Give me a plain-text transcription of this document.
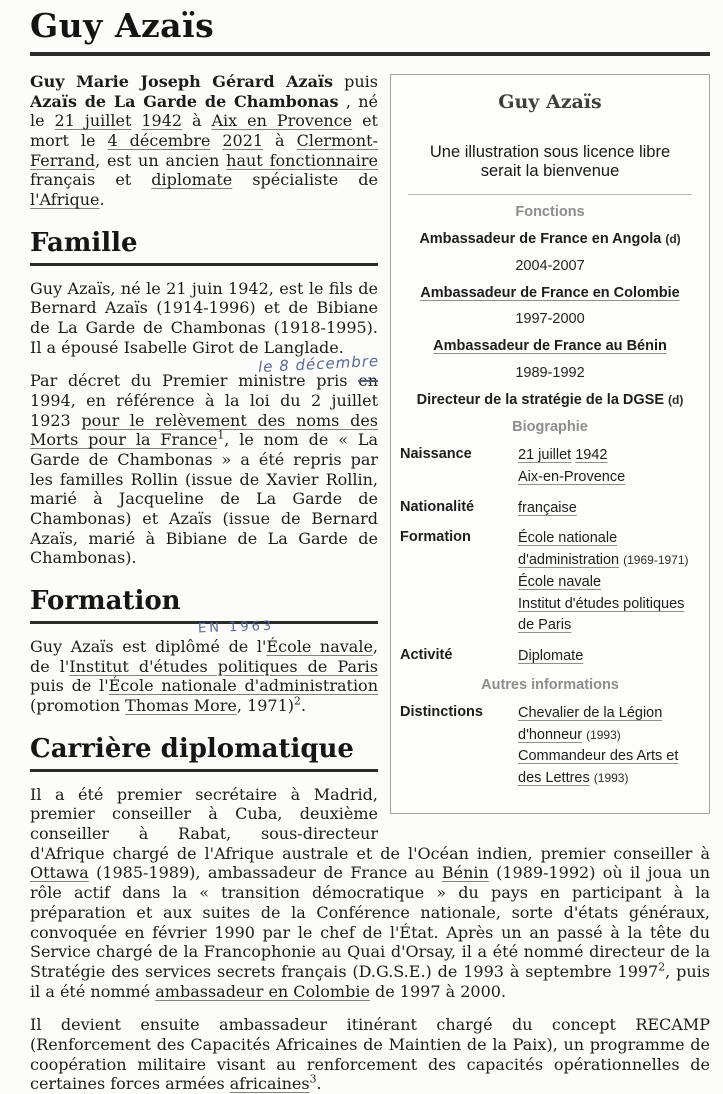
Guy Azaïs
Guy Azaïs
Une illustration sous licence libre serait la bienvenue
Fonctions
Ambassadeur de France en Angola (d)
2004-2007
Ambassadeur de France en Colombie
1997-2000
Ambassadeur de France au Bénin
1989-1992
Directeur de la stratégie de la DGSE (d)
Biographie
Naissance	21 juillet 1942
Aix-en-Provence
Nationalité	française
Formation	École nationale d'administration (1969-1971)
École navale
Institut d'études politiques de Paris
Activité	Diplomate
Autres informations
Distinctions	Chevalier de la Légion d'honneur (1993)
Commandeur des Arts et des Lettres (1993)

Guy Marie Joseph Gérard Azaïs puis Azaïs de La Garde de Chambonas , né le 21 juillet 1942 à Aix en Provence et mort le 4 décembre 2021 à Clermont-Ferrand, est un ancien haut fonctionnaire français et diplomate spécialiste de l'Afrique.

Famille

Guy Azaïs, né le 21 juin 1942, est le fils de Bernard Azaïs (1914-1996) et de Bibiane de La Garde de Chambonas (1918-1995). Il a épousé Isabelle Girot de Langlade.

le 8 décembre
Par décret du Premier ministre pris en 1994, en référence à la loi du 2 juillet 1923 pour le relèvement des noms des Morts pour la France$^1$, le nom de « La Garde de Chambonas » a été repris par les familles Rollin (issue de Xavier Rollin, marié à Jacqueline de La Garde de Chambonas) et Azaïs (issue de Bernard Azaïs, marié à Bibiane de La Garde de Chambonas).

Formation

EN 1963
Guy Azaïs est diplômé de l'École navale, de l'Institut d'études politiques de Paris puis de l'École nationale d'administration (promotion Thomas More, 1971)$^2$.

Carrière diplomatique

Il a été premier secrétaire à Madrid, premier conseiller à Cuba, deuxième conseiller à Rabat, sous-directeur d'Afrique chargé de l'Afrique australe et de l'Océan indien, premier conseiller à Ottawa (1985-1989), ambassadeur de France au Bénin (1989-1992) où il joua un rôle actif dans la « transition démocratique » du pays en participant à la préparation et aux suites de la Conférence nationale, sorte d'états généraux, convoquée en février 1990 par le chef de l'État. Après un an passé à la tête du Service chargé de la Francophonie au Quai d'Orsay, il a été nommé directeur de la Stratégie des services secrets français (D.G.S.E.) de 1993 à septembre 1997$^2$, puis il a été nommé ambassadeur en Colombie de 1997 à 2000.

Il devient ensuite ambassadeur itinérant chargé du concept RECAMP (Renforcement des Capacités Africaines de Maintien de la Paix), un programme de coopération militaire visant au renforcement des capacités opérationnelles de certaines forces armées africaines$^3$.
